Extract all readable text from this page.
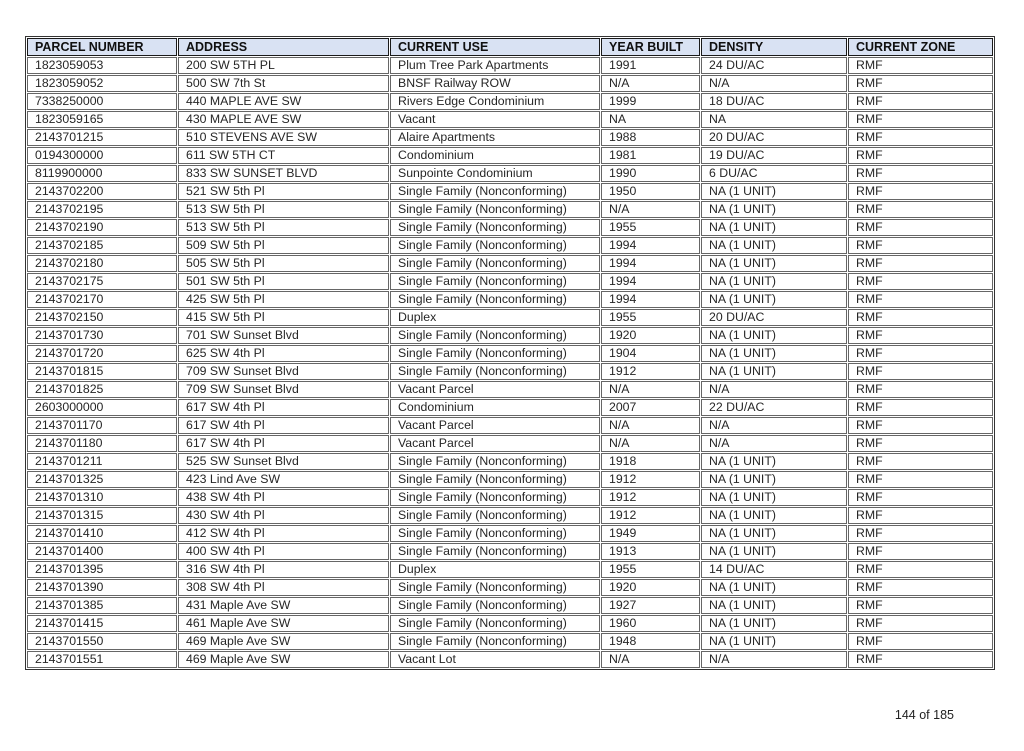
PARCEL NUMBER	ADDRESS	CURRENT USE	YEAR BUILT	DENSITY	CURRENT ZONE
1823059053	200 SW 5TH PL	Plum Tree Park Apartments	1991	24 DU/AC	RMF
1823059052	500 SW 7th St	BNSF Railway ROW	N/A	N/A	RMF
7338250000	440 MAPLE AVE SW	Rivers Edge Condominium	1999	18 DU/AC	RMF
1823059165	430 MAPLE AVE SW	Vacant	NA	NA	RMF
2143701215	510 STEVENS AVE SW	Alaire Apartments	1988	20 DU/AC	RMF
0194300000	611 SW 5TH CT	Condominium	1981	19 DU/AC	RMF
8119900000	833 SW SUNSET BLVD	Sunpointe Condominium	1990	6 DU/AC	RMF
2143702200	521 SW 5th Pl	Single Family (Nonconforming)	1950	NA (1 UNIT)	RMF
2143702195	513 SW 5th Pl	Single Family (Nonconforming)	N/A	NA (1 UNIT)	RMF
2143702190	513 SW 5th Pl	Single Family (Nonconforming)	1955	NA (1 UNIT)	RMF
2143702185	509 SW 5th Pl	Single Family (Nonconforming)	1994	NA (1 UNIT)	RMF
2143702180	505 SW 5th Pl	Single Family (Nonconforming)	1994	NA (1 UNIT)	RMF
2143702175	501 SW 5th Pl	Single Family (Nonconforming)	1994	NA (1 UNIT)	RMF
2143702170	425 SW 5th Pl	Single Family (Nonconforming)	1994	NA (1 UNIT)	RMF
2143702150	415 SW 5th Pl	Duplex	1955	20 DU/AC	RMF
2143701730	701 SW Sunset Blvd	Single Family (Nonconforming)	1920	NA (1 UNIT)	RMF
2143701720	625 SW 4th Pl	Single Family (Nonconforming)	1904	NA (1 UNIT)	RMF
2143701815	709 SW Sunset Blvd	Single Family (Nonconforming)	1912	NA (1 UNIT)	RMF
2143701825	709 SW Sunset Blvd	Vacant Parcel	N/A	N/A	RMF
2603000000	617 SW 4th Pl	Condominium	2007	22 DU/AC	RMF
2143701170	617 SW 4th Pl	Vacant Parcel	N/A	N/A	RMF
2143701180	617 SW 4th Pl	Vacant Parcel	N/A	N/A	RMF
2143701211	525 SW Sunset Blvd	Single Family (Nonconforming)	1918	NA (1 UNIT)	RMF
2143701325	423 Lind Ave SW	Single Family (Nonconforming)	1912	NA (1 UNIT)	RMF
2143701310	438 SW 4th Pl	Single Family (Nonconforming)	1912	NA (1 UNIT)	RMF
2143701315	430 SW 4th Pl	Single Family (Nonconforming)	1912	NA (1 UNIT)	RMF
2143701410	412 SW 4th Pl	Single Family (Nonconforming)	1949	NA (1 UNIT)	RMF
2143701400	400 SW 4th Pl	Single Family (Nonconforming)	1913	NA (1 UNIT)	RMF
2143701395	316 SW 4th Pl	Duplex	1955	14 DU/AC	RMF
2143701390	308 SW 4th Pl	Single Family (Nonconforming)	1920	NA (1 UNIT)	RMF
2143701385	431 Maple Ave SW	Single Family (Nonconforming)	1927	NA (1 UNIT)	RMF
2143701415	461 Maple Ave SW	Single Family (Nonconforming)	1960	NA (1 UNIT)	RMF
2143701550	469 Maple Ave SW	Single Family (Nonconforming)	1948	NA (1 UNIT)	RMF
2143701551	469 Maple Ave SW	Vacant Lot	N/A	N/A	RMF
144 of 185
